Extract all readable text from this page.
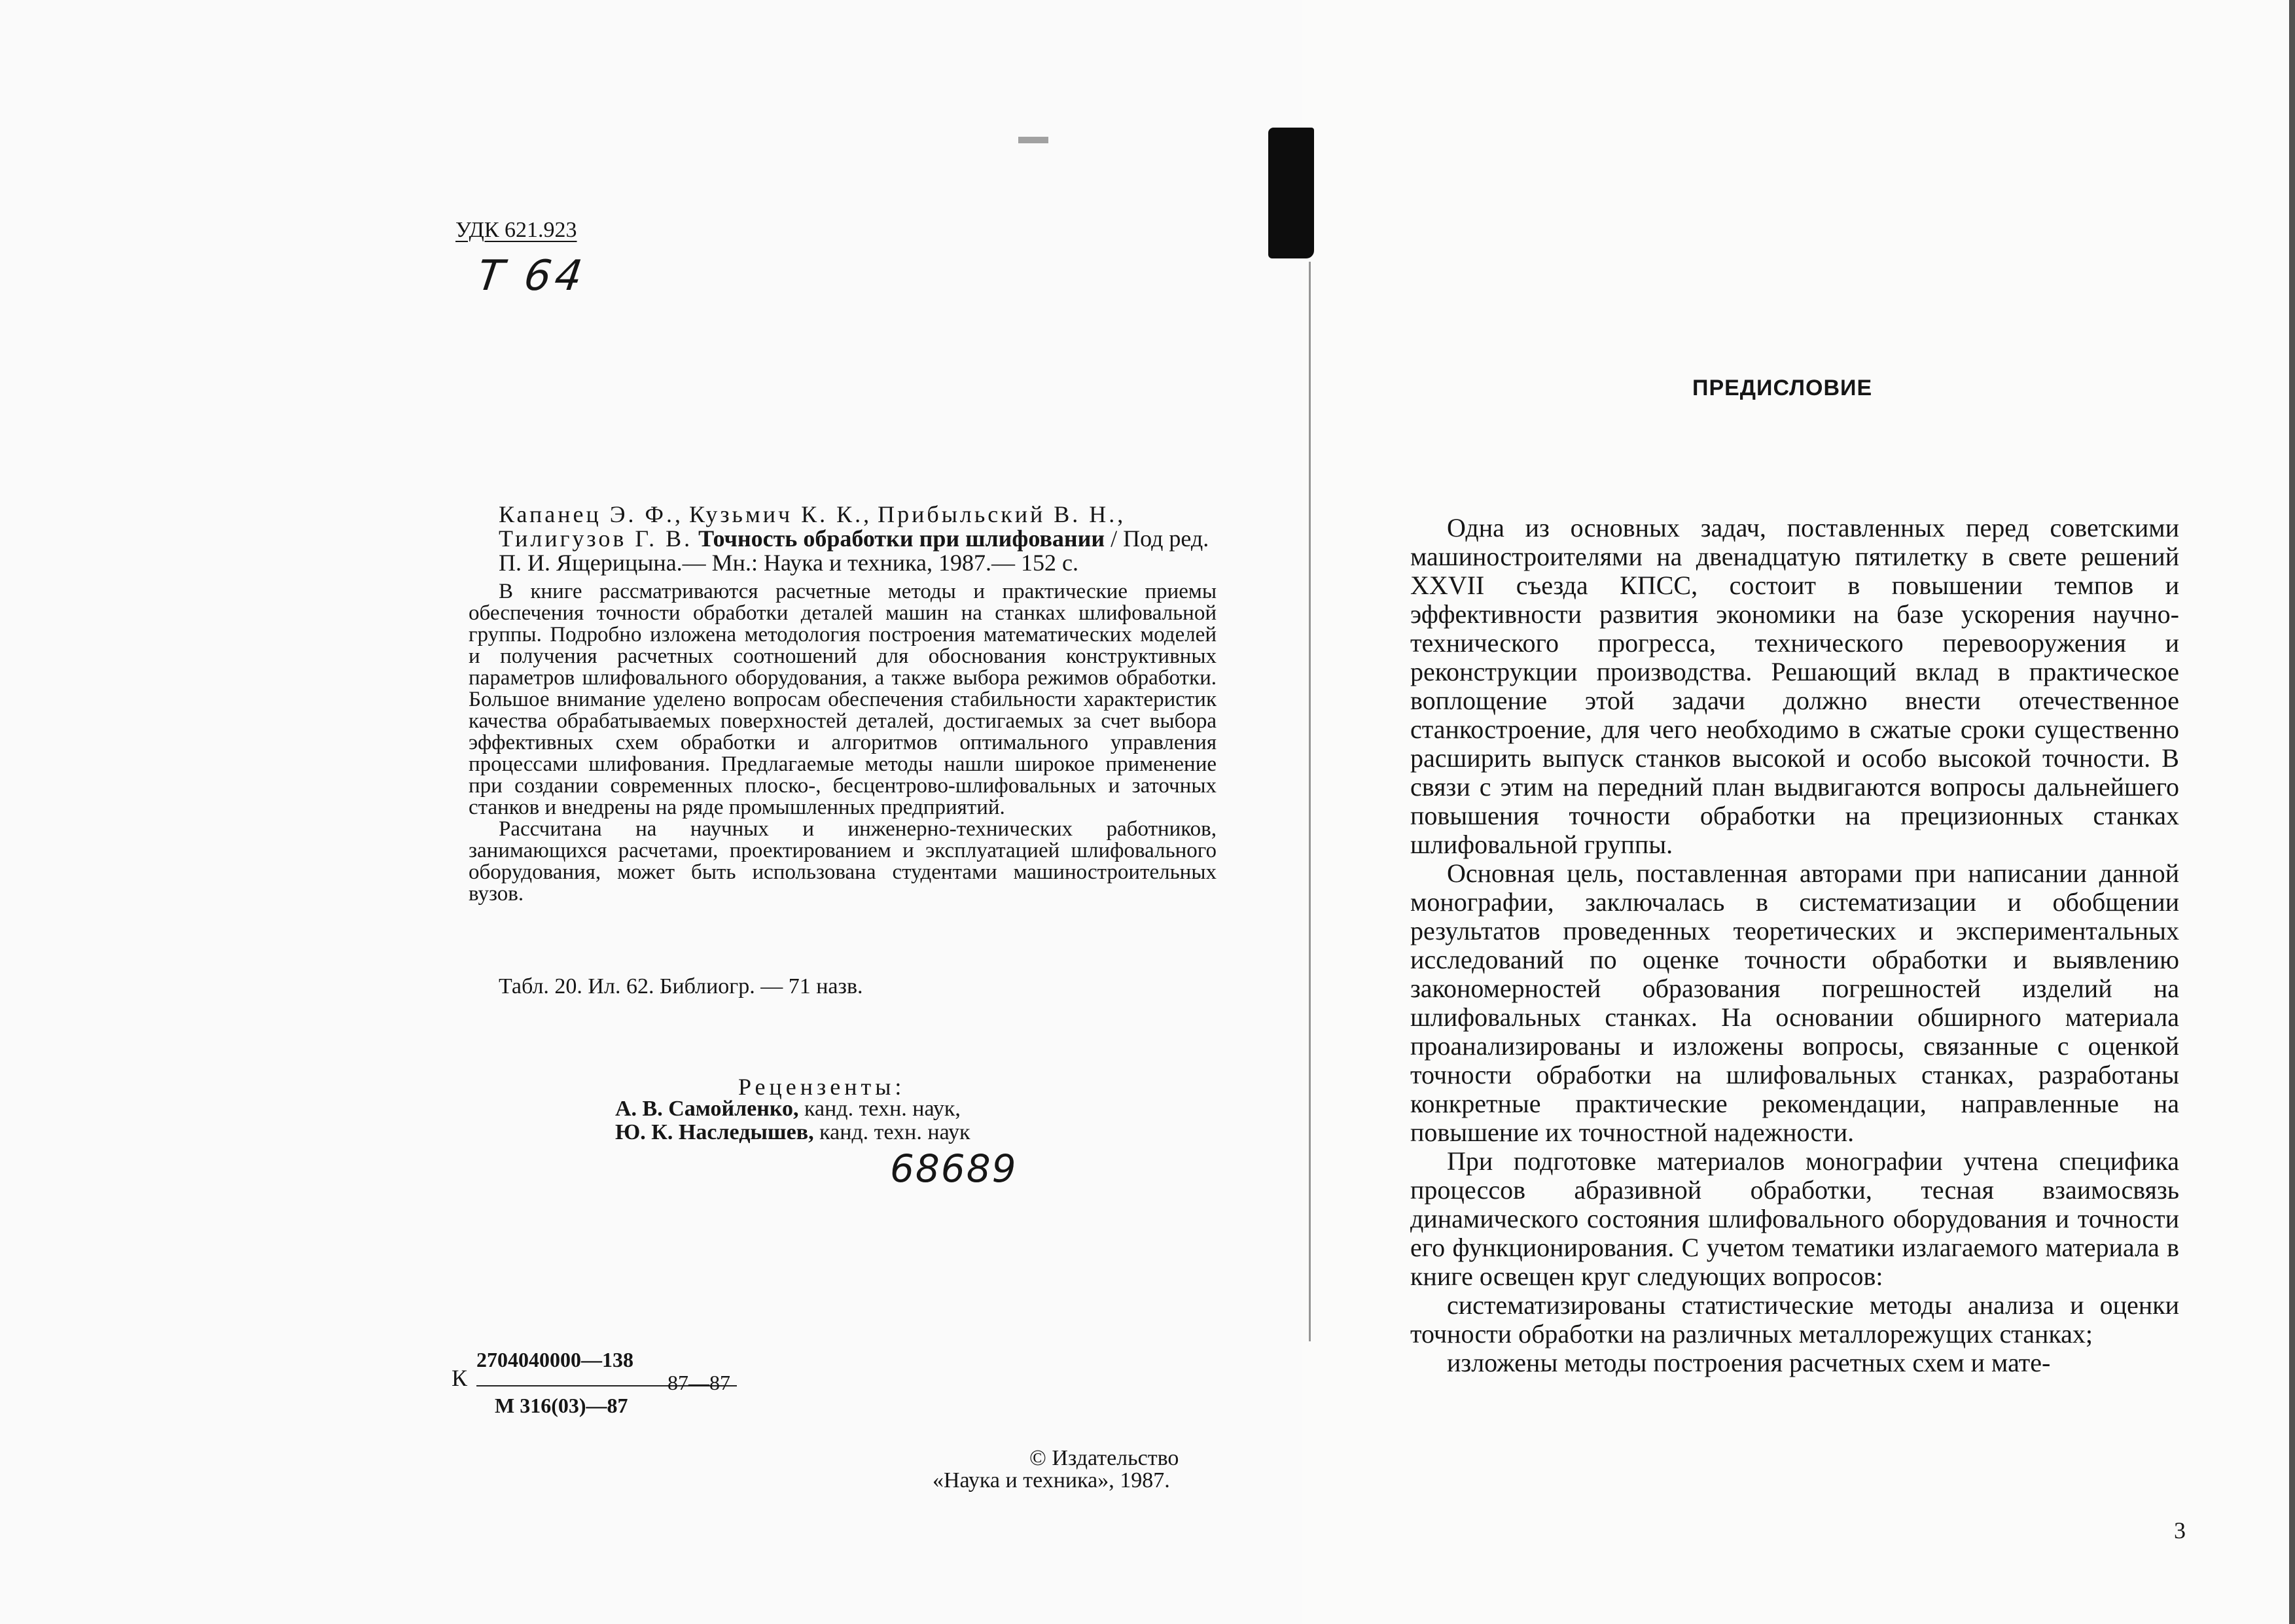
УДК 621.923
Т 64
Капанец Э. Ф., Кузьмич К. К., Прибыльский В. Н., Тилигузов Г. В. Точность обработки при шлифовании / Под ред. П. И. Ящерицына.— Мн.: Наука и техника, 1987.— 152 с.

В книге рассматриваются расчетные методы и практические приемы обеспечения точности обработки деталей машин на станках шлифовальной группы. Подробно изложена методология построения математических моделей и получения расчетных соотношений для обоснования конструктивных параметров шлифовального оборудования, а также выбора режимов обработки. Большое внимание уделено вопросам обеспечения стабильности характеристик качества обрабатываемых поверхностей деталей, достигаемых за счет выбора эффективных схем обработки и алгоритмов оптимального управления процессами шлифования. Предлагаемые методы нашли широкое применение при создании современных плоско-, бесцентрово-шлифовальных и заточных станков и внедрены на ряде промышленных предприятий.

Рассчитана на научных и инженерно-технических работников, занимающихся расчетами, проектированием и эксплуатацией шлифовального оборудования, может быть использована студентами машиностроительных вузов.

Табл. 20. Ил. 62. Библиогр. — 71 назв.
Рецензенты:
А. В. Самойленко, канд. техн. наук,
Ю. К. Наследышев, канд. техн. наук
68689
К
2704040000—138
87—87
М 316(03)—87
© Издательство
«Наука и техника», 1987.
ПРЕДИСЛОВИЕ

Одна из основных задач, поставленных перед советскими машиностроителями на двенадцатую пятилетку в свете решений XXVII съезда КПСС, состоит в повышении темпов и эффективности развития экономики на базе ускорения научно-технического прогресса, технического перевооружения и реконструкции производства. Решающий вклад в практическое воплощение этой задачи должно внести отечественное станкостроение, для чего необходимо в сжатые сроки существенно расширить выпуск станков высокой и особо высокой точности. В связи с этим на передний план выдвигаются вопросы дальнейшего повышения точности обработки на прецизионных станках шлифовальной группы.

Основная цель, поставленная авторами при написании данной монографии, заключалась в систематизации и обобщении результатов проведенных теоретических и экспериментальных исследований по оценке точности обработки и выявлению закономерностей образования погрешностей изделий на шлифовальных станках. На основании обширного материала проанализированы и изложены вопросы, связанные с оценкой точности обработки на шлифовальных станках, разработаны конкретные практические рекомендации, направленные на повышение их точностной надежности.

При подготовке материалов монографии учтена специфика процессов абразивной обработки, тесная взаимосвязь динамического состояния шлифовального оборудования и точности его функционирования. С учетом тематики излагаемого материала в книге освещен круг следующих вопросов:

систематизированы статистические методы анализа и оценки точности обработки на различных металлорежущих станках;

изложены методы построения расчетных схем и мате-

3
